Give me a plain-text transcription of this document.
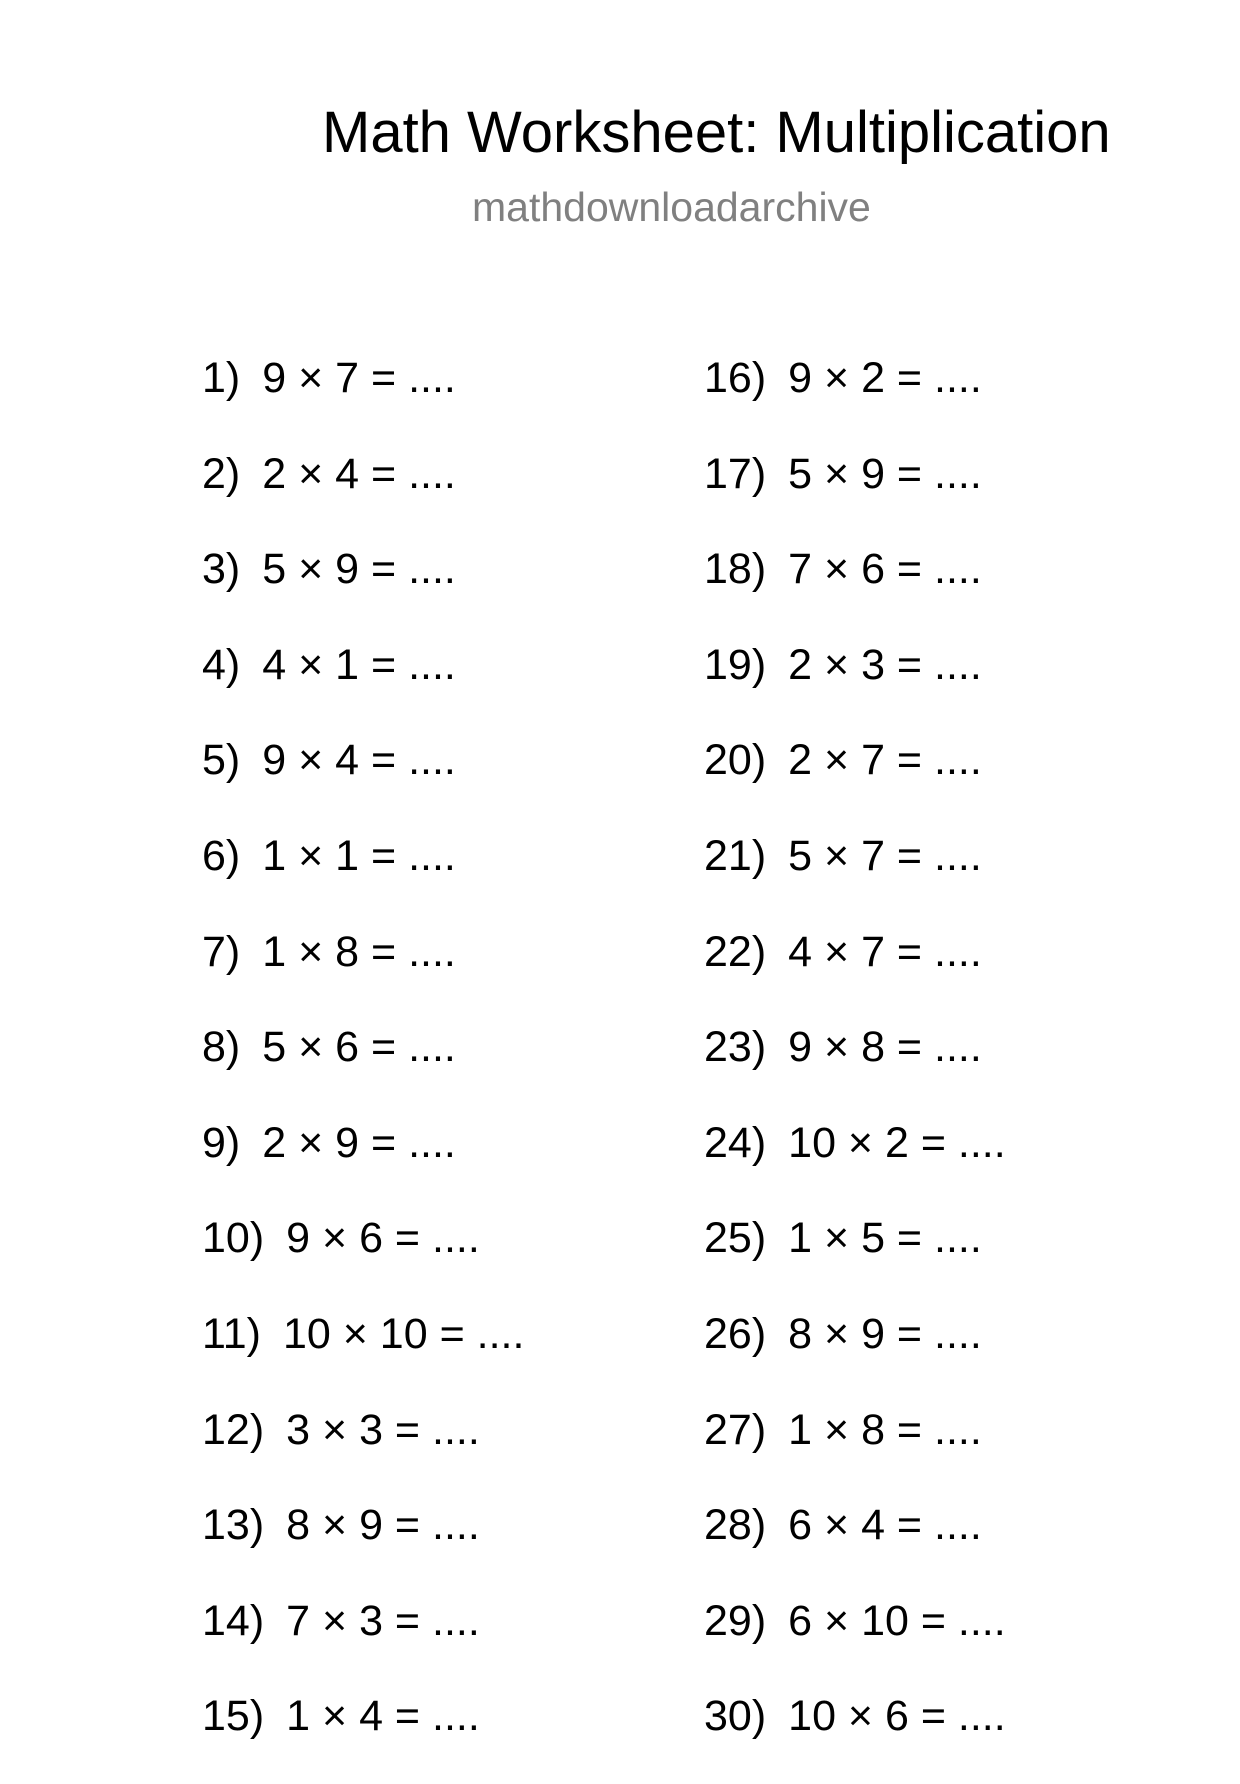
Math Worksheet: Multiplication
mathdownloadarchive
1) 9 × 7 = ....
2) 2 × 4 = ....
3) 5 × 9 = ....
4) 4 × 1 = ....
5) 9 × 4 = ....
6) 1 × 1 = ....
7) 1 × 8 = ....
8) 5 × 6 = ....
9) 2 × 9 = ....
10) 9 × 6 = ....
11) 10 × 10 = ....
12) 3 × 3 = ....
13) 8 × 9 = ....
14) 7 × 3 = ....
15) 1 × 4 = ....
16) 9 × 2 = ....
17) 5 × 9 = ....
18) 7 × 6 = ....
19) 2 × 3 = ....
20) 2 × 7 = ....
21) 5 × 7 = ....
22) 4 × 7 = ....
23) 9 × 8 = ....
24) 10 × 2 = ....
25) 1 × 5 = ....
26) 8 × 9 = ....
27) 1 × 8 = ....
28) 6 × 4 = ....
29) 6 × 10 = ....
30) 10 × 6 = ....
